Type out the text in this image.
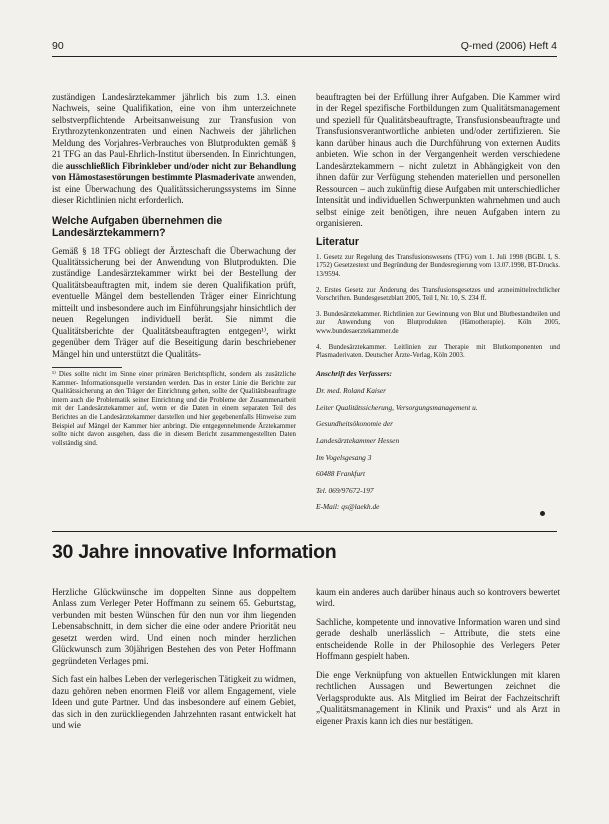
90	Q-med (2006) Heft 4

zuständigen Landesärztekammer jährlich bis zum 1.3. einen Nachweis, seine Qualifikation, eine von ihm unterzeichnete selbstverpflichtende Arbeitsanweisung zur Transfusion von Erythrozytenkonzentraten und einen Nachweis der jährlichen Meldung des Vorjahres-Verbrauches von Blutprodukten gemäß § 21 TFG an das Paul-Ehrlich-Institut übersenden. In Einrichtungen, die ausschließlich Fibrinkleber und/oder nicht zur Behandlung von Hämostasestörungen bestimmte Plasmaderivate anwenden, ist eine Überwachung des Qualitätssicherungssystems im Sinne dieser Richtlinien nicht erforderlich.

Welche Aufgaben übernehmen die Landesärztekammern?

Gemäß § 18 TFG obliegt der Ärzteschaft die Überwachung der Qualitätssicherung bei der Anwendung von Blutprodukten. Die zuständige Landesärztekammer wirkt bei der Bestellung der Qualitätsbeauftragten mit, indem sie deren Qualifikation prüft, eventuelle Mängel dem bestellenden Träger einer Einrichtung mitteilt und insbesondere auch im Einführungsjahr hinsichtlich der neuen Regelungen individuell berät. Sie nimmt die Qualitätsberichte der Qualitätsbeauftragten entgegen¹⁾, wirkt gegenüber dem Träger auf die Beseitigung darin beschriebener Mängel hin und unterstützt die Qualitäts-

¹⁾ Dies sollte nicht im Sinne einer primären Berichtspflicht, sondern als zusätzliche Kammer- Informationsquelle verstanden werden. Das in erster Linie die Berichte zur Qualitätssicherung an den Träger der Einrichtung gehen, sollte der Qualitätsbeauftragte intern auch die Problematik seiner Einrichtung und die Probleme der Zusammenarbeit mit der Landesärztekammer auf, wenn er die Daten in einem separaten Teil des Berichtes an die Landesärztekammer darstellen und hier gegebenenfalls Hinweise zum Beispiel auf Mängel der Kammer hier anbringt. Die entgegennehmende Ärztekammer sollte nicht davon ausgehen, dass die in diesem Bericht zusammengestellten Daten vollständig sind.

beauftragten bei der Erfüllung ihrer Aufgaben. Die Kammer wird in der Regel spezifische Fortbildungen zum Qualitätsmanagement und speziell für Qualitätsbeauftragte, Transfusionsbeauftragte und Transfusionsverantwortliche anbieten und/oder zertifizieren. Sie kann darüber hinaus auch die Durchführung von externen Audits anbieten. Wie schon in der Vergangenheit werden verschiedene Landesärztekammern – nicht zuletzt in Abhängigkeit von den ihnen dafür zur Verfügung stehenden materiellen und personellen Ressourcen – auch zukünftig diese Aufgaben mit unterschiedlicher Intensität und individuellen Schwerpunkten wahrnehmen und auch selbst einige zeit benötigen, ihre neuen Aufgaben intern zu organisieren.

Literatur

1. Gesetz zur Regelung des Transfusionswesens (TFG) vom 1. Juli 1998 (BGBl. I, S. 1752) Gesetzestext und Begründung der Bundesregierung vom 13.07.1998, BT-Drucks. 13/9594.

2. Erstes Gesetz zur Änderung des Transfusionsgesetzes und arzneimittelrechtlicher Vorschriften. Bundesgesetzblatt 2005, Teil I, Nr. 10, S. 234 ff.

3. Bundesärztekammer. Richtlinien zur Gewinnung von Blut und Blutbestandteilen und zur Anwendung von Blutprodukten (Hämotherapie). Köln 2005, www.bundesaerztekammer.de

4. Bundesärztekammer. Leitlinien zur Therapie mit Blutkomponenten und Plasmaderivaten. Deutscher Ärzte-Verlag, Köln 2003.

Anschrift des Verfassers:

Dr. med. Roland Kaiser

Leiter Qualitätssicherung, Versorgungsmanagement u.

Gesundheitsökonomie der

Landesärztekammer Hessen

Im Vogelsgesang 3

60488 Frankfurt

Tel. 069/97672-197

E-Mail: qs@laekh.de

30 Jahre innovative Information

Herzliche Glückwünsche im doppelten Sinne aus doppeltem Anlass zum Verleger Peter Hoffmann zu seinem 65. Geburtstag, verbunden mit besten Wünschen für den nun vor ihm liegenden Lebensabschnitt, in dem sicher die eine oder andere Priorität neu gesetzt werden wird. Und einen noch minder herzlichen Glückwunsch zum 30jährigen Bestehen des von Peter Hoffmann gegründeten Verlages pmi.

Sich fast ein halbes Leben der verlegerischen Tätigkeit zu widmen, dazu gehören neben enormen Fleiß vor allem Engagement, viele Ideen und gute Partner. Und das insbesondere auf einem Gebiet, das sich in den zurückliegenden Jahrzehnten rasant entwickelt hat und wie

kaum ein anderes auch darüber hinaus auch so kontrovers bewertet wird.

Sachliche, kompetente und innovative Information waren und sind gerade deshalb unerlässlich – Attribute, die stets eine entscheidende Rolle in der Philosophie des Verlegers Peter Hoffmann gespielt haben.

Die enge Verknüpfung von aktuellen Entwicklungen mit klaren rechtlichen Aussagen und Bewertungen zeichnet die Verlagsprodukte aus. Als Mitglied im Beirat der Fachzeitschrift „Qualitätsmanagement in Klinik und Praxis“ und als Arzt in eigener Praxis kann ich dies nur bestätigen.
